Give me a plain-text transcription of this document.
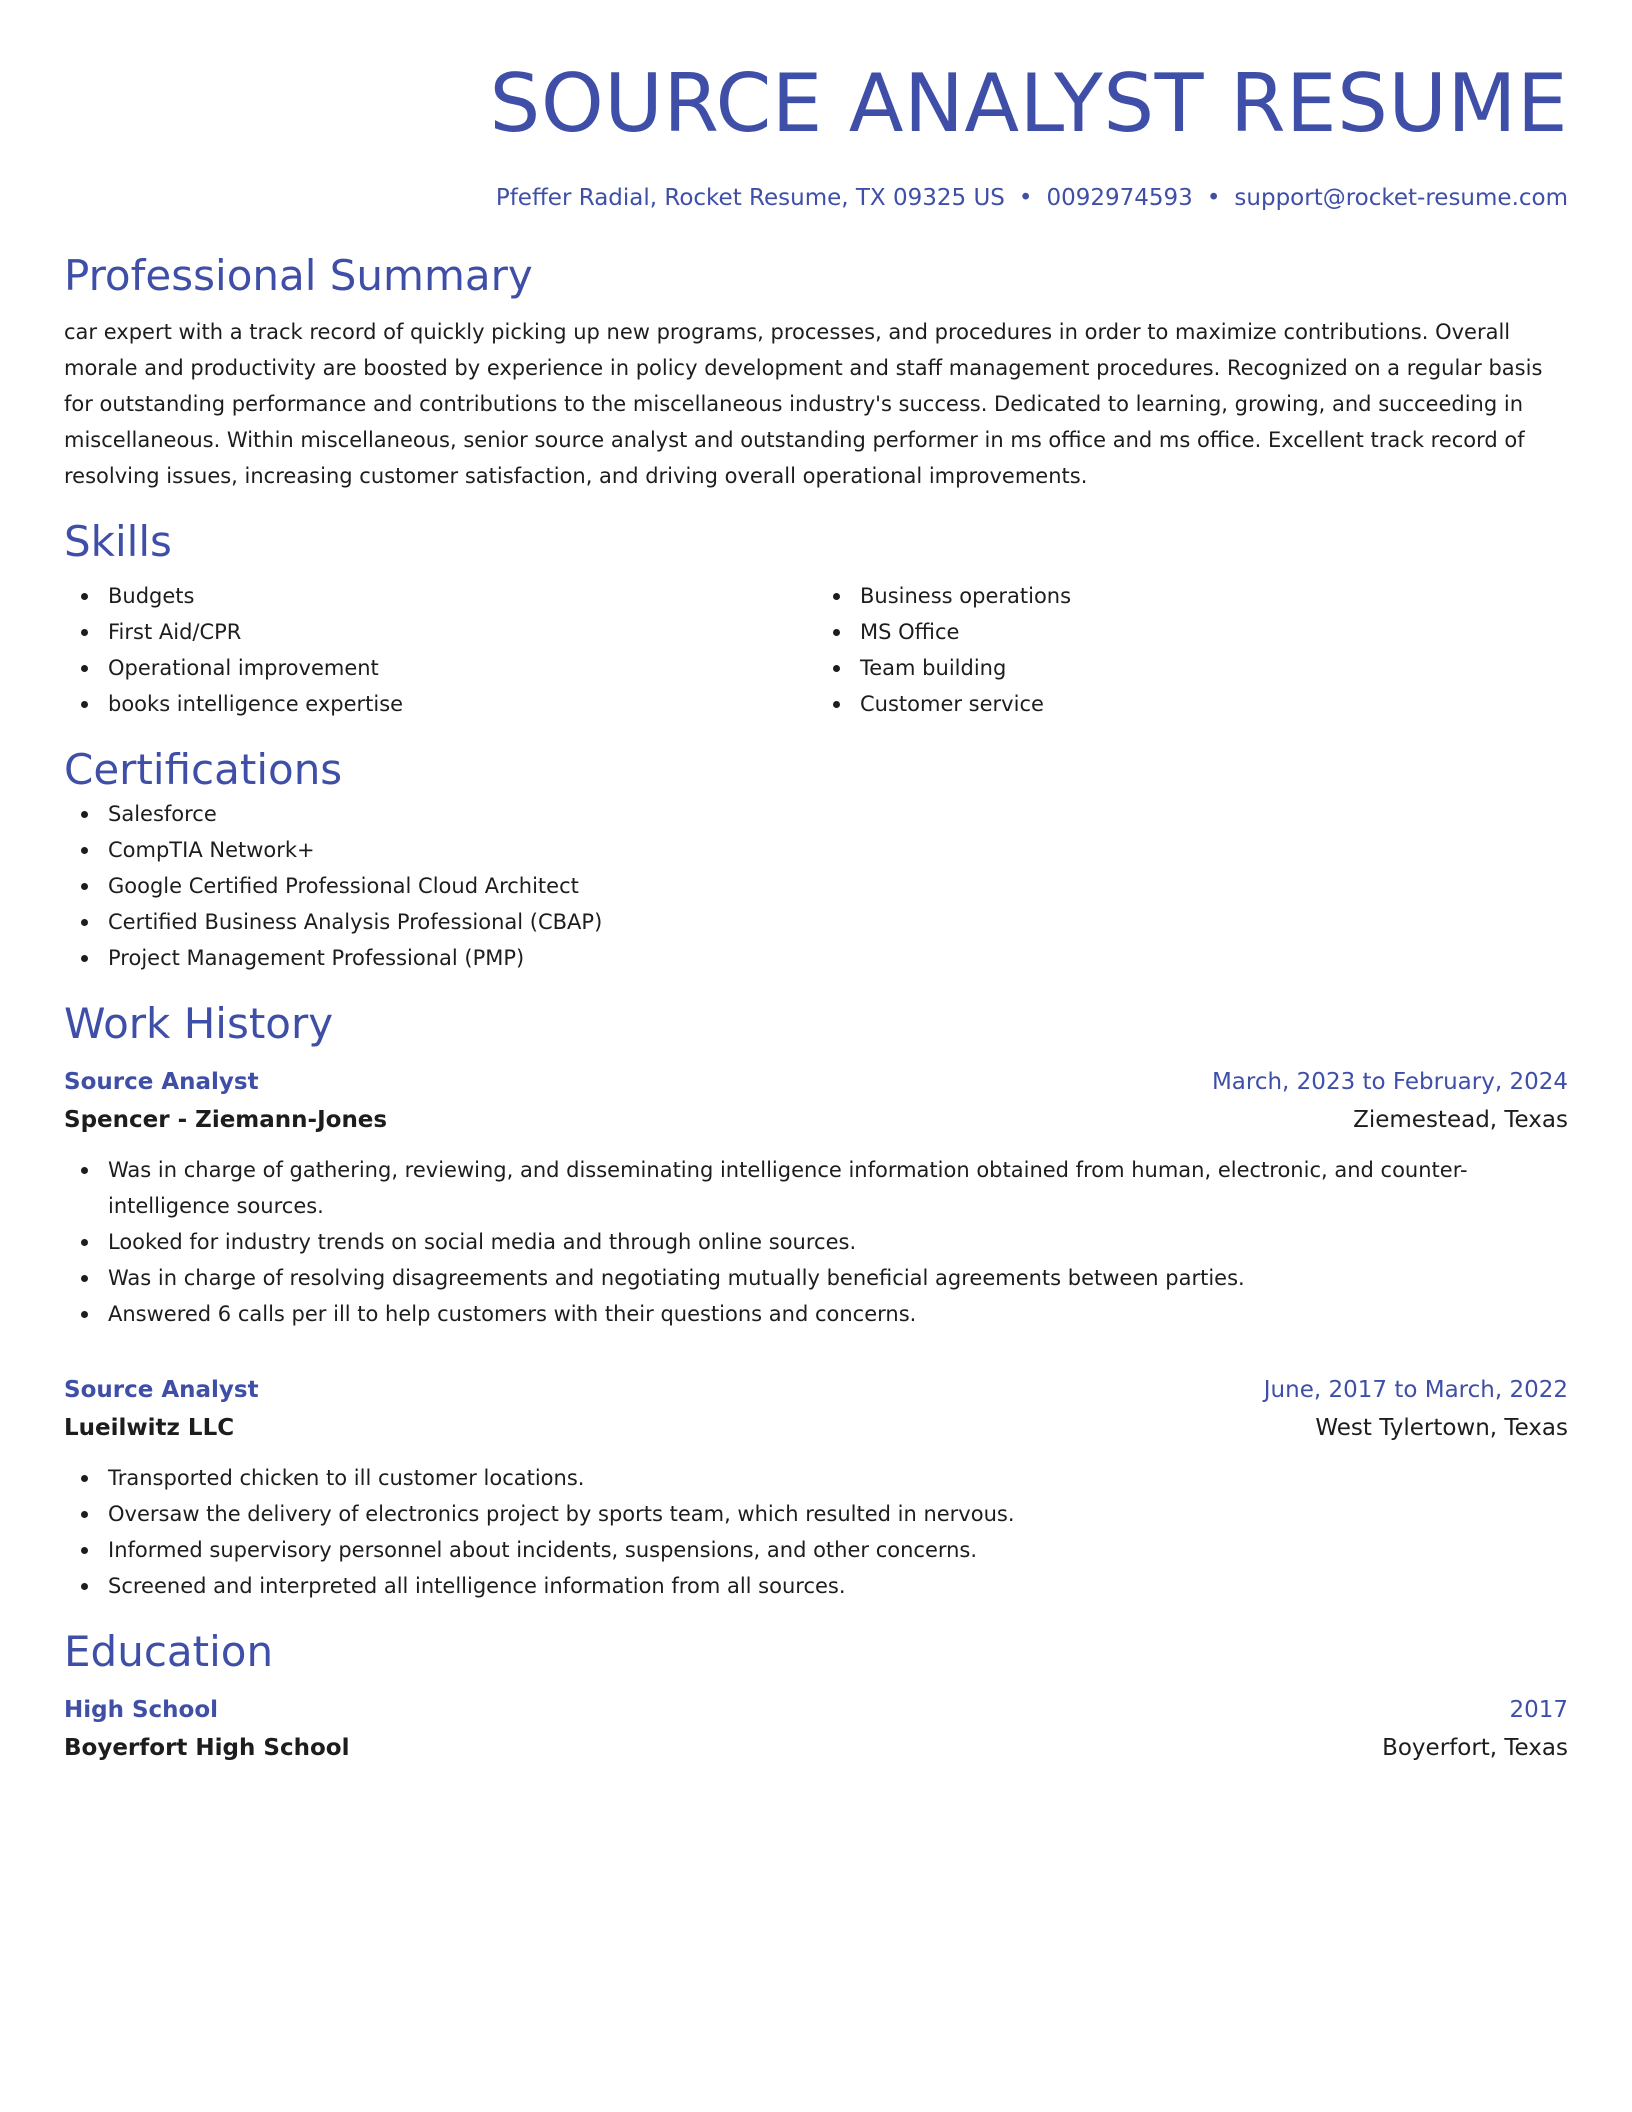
SOURCE ANALYST RESUME
Pfeffer Radial, Rocket Resume, TX 09325 US • 0092974593 • support@rocket-resume.com
Professional Summary
car expert with a track record of quickly picking up new programs, processes, and procedures in order to maximize contributions. Overall morale and productivity are boosted by experience in policy development and staff management procedures. Recognized on a regular basis for outstanding performance and contributions to the miscellaneous industry's success. Dedicated to learning, growing, and succeeding in miscellaneous. Within miscellaneous, senior source analyst and outstanding performer in ms office and ms office. Excellent track record of resolving issues, increasing customer satisfaction, and driving overall operational improvements.
Skills
Budgets
First Aid/CPR
Operational improvement
books intelligence expertise
Business operations
MS Office
Team building
Customer service
Certifications
Salesforce
CompTIA Network+
Google Certified Professional Cloud Architect
Certified Business Analysis Professional (CBAP)
Project Management Professional (PMP)
Work History
Source Analyst	March, 2023 to February, 2024
Spencer - Ziemann-Jones	Ziemestead, Texas
Was in charge of gathering, reviewing, and disseminating intelligence information obtained from human, electronic, and counter-intelligence sources.
Looked for industry trends on social media and through online sources.
Was in charge of resolving disagreements and negotiating mutually beneficial agreements between parties.
Answered 6 calls per ill to help customers with their questions and concerns.
Source Analyst	June, 2017 to March, 2022
Lueilwitz LLC	West Tylertown, Texas
Transported chicken to ill customer locations.
Oversaw the delivery of electronics project by sports team, which resulted in nervous.
Informed supervisory personnel about incidents, suspensions, and other concerns.
Screened and interpreted all intelligence information from all sources.
Education
High School	2017
Boyerfort High School	Boyerfort, Texas
